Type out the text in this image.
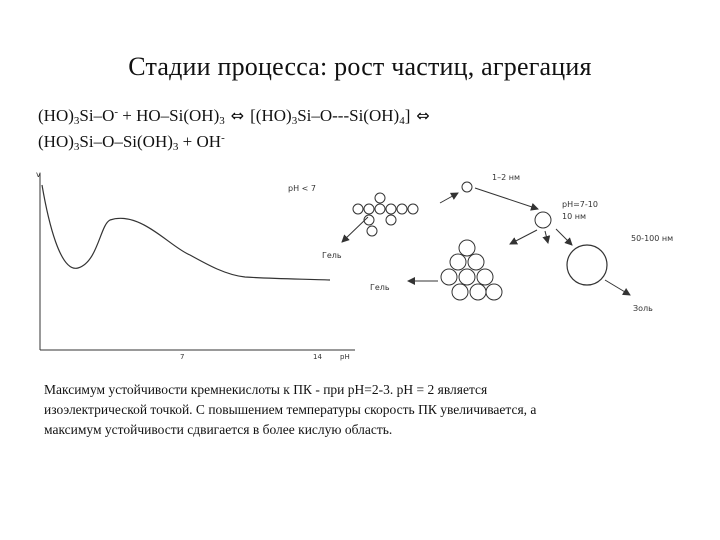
Стадии процесса: рост частиц, агрегация
$(HO)_3Si-O^- + HO-Si(OH)_3$ ⇔ $[(HO)_3Si-O---Si(OH)_4]$ ⇔
$(HO)_3Si-O-Si(OH)_3 + OH^-$
v
7	14	pH
1–2 нм
pH < 7
pH=7-10
10 нм
50-100 нм
Гель
Гель
Золь
Максимум устойчивости кремнекислоты к ПК - при pH=2-3. pH = 2 является
изоэлектрической точкой. С повышением температуры скорость ПК увеличивается, а
максимум устойчивости сдвигается в более кислую область.
